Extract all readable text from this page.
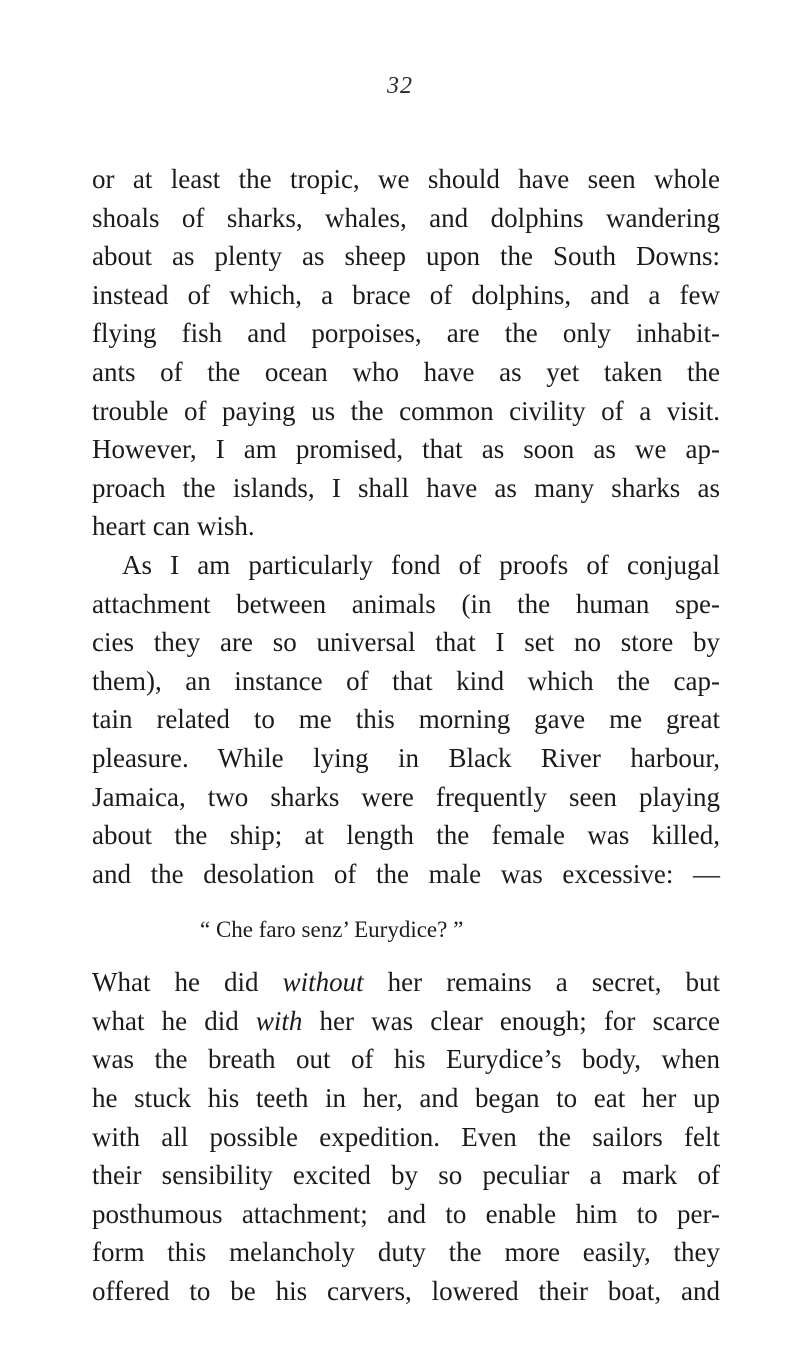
32
or at least the tropic, we should have seen whole
shoals of sharks, whales, and dolphins wandering
about as plenty as sheep upon the South Downs:
instead of which, a brace of dolphins, and a few
flying fish and porpoises, are the only inhabit-
ants of the ocean who have as yet taken the
trouble of paying us the common civility of a visit.
However, I am promised, that as soon as we ap-
proach the islands, I shall have as many sharks as
heart can wish.
As I am particularly fond of proofs of conjugal
attachment between animals (in the human spe-
cies they are so universal that I set no store by
them), an instance of that kind which the cap-
tain related to me this morning gave me great
pleasure. While lying in Black River harbour,
Jamaica, two sharks were frequently seen playing
about the ship; at length the female was killed,
and the desolation of the male was excessive: —
“ Che faro senz’ Eurydice? ”
What he did without her remains a secret, but
what he did with her was clear enough; for scarce
was the breath out of his Eurydice’s body, when
he stuck his teeth in her, and began to eat her up
with all possible expedition. Even the sailors felt
their sensibility excited by so peculiar a mark of
posthumous attachment; and to enable him to per-
form this melancholy duty the more easily, they
offered to be his carvers, lowered their boat, and
